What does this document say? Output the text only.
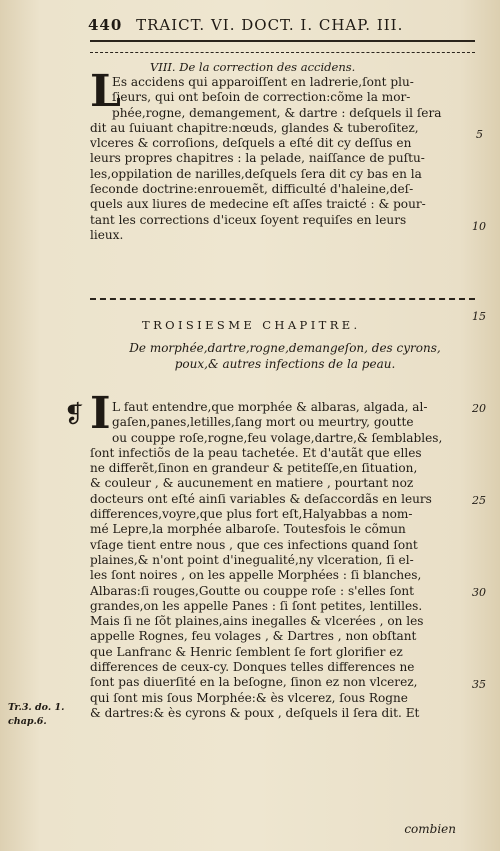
440 TRAICT. VI. DOCT. I. CHAP. III.
VIII. De la correction des accidens.
L
Es accidens qui apparoiſſent en ladrerie,ſont plu-
ſieurs, qui ont beſoin de correction:cõme la mor-
phée,rogne, demangement, & dartre : deſquels il ſera
dit au ſuiuant chapitre:nœuds, glandes & tuberoſitez,
vlceres & corroſions, deſquels a eſté dit cy deſſus en
leurs propres chapitres : la pelade, naiſſance de puſtu-
les,oppilation de narilles,deſquels ſera dit cy bas en la
ſeconde doctrine:enrouemẽt, difficulté d'haleine,deſ-
quels aux liures de medecine eſt aſſes traicté : & pour-
tant les corrections d'iceux ſoyent requiſes en leurs
lieux.
TROISIESME CHAPITRE.
De morphée,dartre,rogne,demangeſon, des cyrons,
poux,& autres infections de la peau.
❡ I L faut entendre,que morphée & albaras, algada, al-
gaſen,panes,letilles,ſang mort ou meurtry, goutte
ou couppe roſe,rogne,feu volage,dartre,& ſemblables,
ſont infectiõs de la peau tachetée. Et d'autãt que elles
ne differẽt,ſinon en grandeur & petiteſſe,en ſituation,
& couleur , & aucunement en matiere , pourtant noz
docteurs ont eſté ainſi variables & deſaccordãs en leurs
differences,voyre,que plus fort eſt,Halyabbas a nom-
mé Lepre,la morphée albaroſe. Toutesfois le cõmun
vſage tient entre nous , que ces infections quand ſont
plaines,& n'ont point d'inegualité,ny vlceration, ſi el-
les ſont noires , on les appelle Morphées : ſi blanches,
Albaras:ſi rouges,Goutte ou couppe roſe : s'elles ſont
grandes,on les appelle Panes : ſi ſont petites, lentilles.
Mais ſi ne ſõt plaines,ains inegalles & vlcerées , on les
appelle Rognes, feu volages , & Dartres , non obſtant
que Lanfranc & Henric ſemblent ſe fort glorifier ez
differences de ceux-cy. Donques telles differences ne
ſont pas diuerſité en la beſogne, ſinon ez non vlcerez,
qui ſont mis ſous Morphée:& ès vlcerez, ſous Rogne
& dartres:& ès cyrons & poux , deſquels il ſera dit. Et
5
10
15
20
25
30
35
Tr.3. do. 1.
chap.6.
combien
